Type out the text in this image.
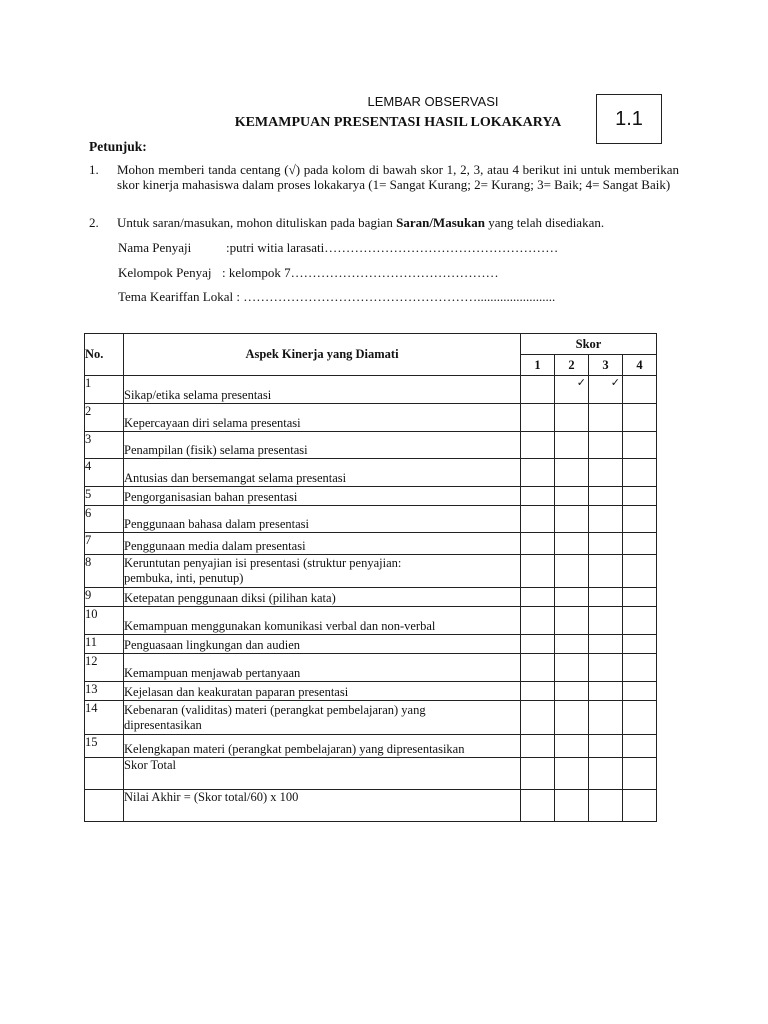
LEMBAR OBSERVASI
KEMAMPUAN PRESENTASI HASIL LOKAKARYA	1.1
Petunjuk:
1. Mohon memberi tanda centang (√) pada kolom di bawah skor 1, 2, 3, atau 4 berikut ini untuk memberikan skor kinerja mahasiswa dalam proses lokakarya (1= Sangat Kurang; 2= Kurang; 3= Baik; 4= Sangat Baik)
2. Untuk saran/masukan, mohon dituliskan pada bagian Saran/Masukan yang telah disediakan.
Nama Penyaji	:putri witia larasati………………………………………………
Kelompok Penyaj : kelompok 7…………………………………………
Tema Keariffan Lokal : ………………………………………………........................
No.	Aspek Kinerja yang Diamati	Skor			
		1	2	3	4
1	Sikap/etika selama presentasi		✓	✓	

2	Kepercayaan diri selama presentasi				

3	Penampilan (fisik) selama presentasi				

4	Antusias dan bersemangat selama presentasi				

5	Pengorganisasian bahan presentasi				

6	Penggunaan bahasa dalam presentasi				

7	Penggunaan media dalam presentasi				

8	Keruntutan penyajian isi presentasi (struktur penyajian:
pembuka, inti, penutup)				

9	Ketepatan penggunaan diksi (pilihan kata)				

10	Kemampuan menggunakan komunikasi verbal dan non-verbal				

11	Penguasaan lingkungan dan audien				

12	Kemampuan menjawab pertanyaan				

13	Kejelasan dan keakuratan paparan presentasi				

14	Kebenaran (validitas) materi (perangkat pembelajaran) yang
dipresentasikan				

15	Kelengkapan materi (perangkat pembelajaran) yang dipresentasikan				

	Skor Total				
	Nilai Akhir = (Skor total/60) x 100				
